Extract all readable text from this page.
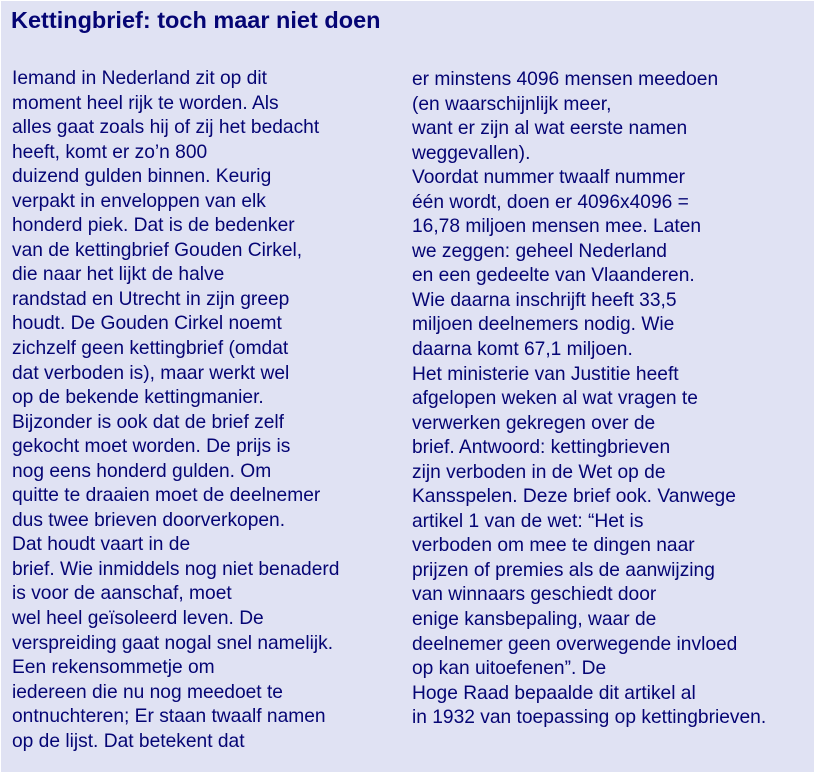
Kettingbrief: toch maar niet doen
Iemand in Nederland zit op dit
moment heel rijk te worden. Als
alles gaat zoals hij of zij het bedacht
heeft, komt er zo’n 800
duizend gulden binnen. Keurig
verpakt in enveloppen van elk
honderd piek. Dat is de bedenker
van de kettingbrief Gouden Cirkel,
die naar het lijkt de halve
randstad en Utrecht in zijn greep
houdt. De Gouden Cirkel noemt
zichzelf geen kettingbrief (omdat
dat verboden is), maar werkt wel
op de bekende kettingmanier.
Bijzonder is ook dat de brief zelf
gekocht moet worden. De prijs is
nog eens honderd gulden. Om
quitte te draaien moet de deelnemer
dus twee brieven doorverkopen.
Dat houdt vaart in de
brief. Wie inmiddels nog niet benaderd
is voor de aanschaf, moet
wel heel geïsoleerd leven. De
verspreiding gaat nogal snel namelijk.
Een rekensommetje om
iedereen die nu nog meedoet te
ontnuchteren; Er staan twaalf namen
op de lijst. Dat betekent dat
er minstens 4096 mensen meedoen
(en waarschijnlijk meer,
want er zijn al wat eerste namen
weggevallen).
Voordat nummer twaalf nummer
één wordt, doen er 4096x4096 =
16,78 miljoen mensen mee. Laten
we zeggen: geheel Nederland
en een gedeelte van Vlaanderen.
Wie daarna inschrijft heeft 33,5
miljoen deelnemers nodig. Wie
daarna komt 67,1 miljoen.
Het ministerie van Justitie heeft
afgelopen weken al wat vragen te
verwerken gekregen over de
brief. Antwoord: kettingbrieven
zijn verboden in de Wet op de
Kansspelen. Deze brief ook. Vanwege
artikel 1 van de wet: “Het is
verboden om mee te dingen naar
prijzen of premies als de aanwijzing
van winnaars geschiedt door
enige kansbepaling, waar de
deelnemer geen overwegende invloed
op kan uitoefenen”. De
Hoge Raad bepaalde dit artikel al
in 1932 van toepassing op kettingbrieven.
